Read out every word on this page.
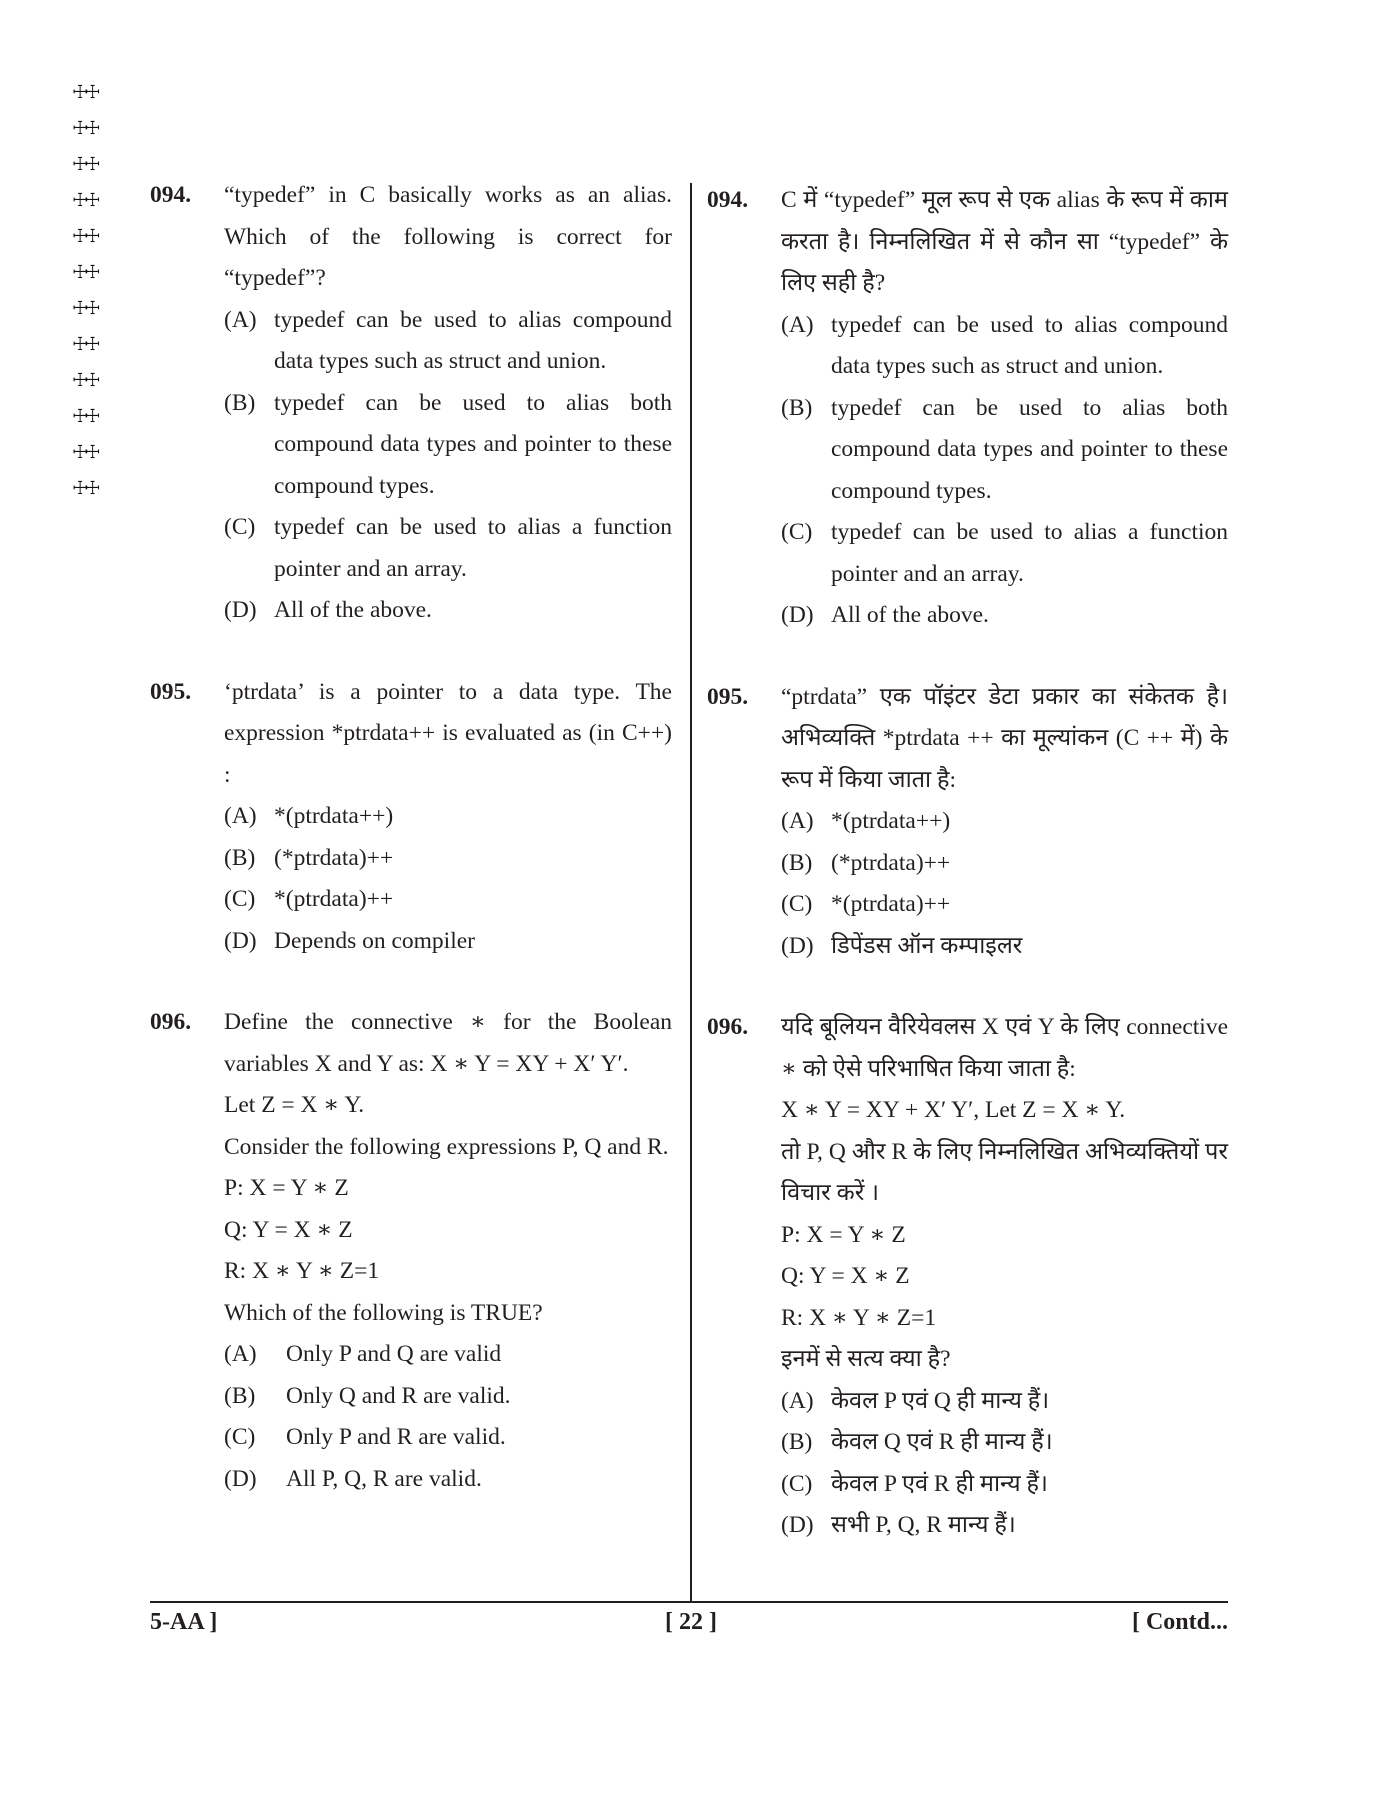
☩☩
☩☩
☩☩
☩☩
☩☩
☩☩
☩☩
☩☩
☩☩
☩☩
☩☩
☩☩
094. “typedef” in C basically works as an alias. Which of the following is correct for “typedef”?
(A) typedef can be used to alias compound data types such as struct and union.
(B) typedef can be used to alias both compound data types and pointer to these compound types.
(C) typedef can be used to alias a function pointer and an array.
(D) All of the above.
095. ‘ptrdata’ is a pointer to a data type. The expression *ptrdata++ is evaluated as (in C++) :
(A) *(ptrdata++)
(B) (*ptrdata)++
(C) *(ptrdata)++
(D) Depends on compiler
096. Define the connective ∗ for the Boolean variables X and Y as: X ∗ Y = XY + X′ Y′.
Let Z = X ∗ Y.
Consider the following expressions P, Q and R.
P: X = Y ∗ Z
Q: Y = X ∗ Z
R: X ∗ Y ∗ Z=1
Which of the following is TRUE?
(A) Only P and Q are valid
(B) Only Q and R are valid.
(C) Only P and R are valid.
(D) All P, Q, R are valid.
094. C में “typedef” मूल रूप से एक alias के रूप में काम करता है। निम्नलिखित में से कौन सा “typedef” के लिए सही है?
(A) typedef can be used to alias compound data types such as struct and union.
(B) typedef can be used to alias both compound data types and pointer to these compound types.
(C) typedef can be used to alias a function pointer and an array.
(D) All of the above.
095. “ptrdata” एक पॉइंटर डेटा प्रकार का संकेतक है। अभिव्यक्ति *ptrdata ++ का मूल्यांकन (C ++ में) के रूप में किया जाता है:
(A) *(ptrdata++)
(B) (*ptrdata)++
(C) *(ptrdata)++
(D) डिपेंडस ऑन कम्पाइलर
096. यदि बूलियन वैरियेवलस X एवं Y के लिए connective ∗ को ऐसे परिभाषित किया जाता है:
X ∗ Y = XY + X′ Y′, Let Z = X ∗ Y.
तो P, Q और R के लिए निम्नलिखित अभिव्यक्तियों पर विचार करें ।
P: X = Y ∗ Z
Q: Y = X ∗ Z
R: X ∗ Y ∗ Z=1
इनमें से सत्य क्या है?
(A) केवल P एवं Q ही मान्य हैं।
(B) केवल Q एवं R ही मान्य हैं।
(C) केवल P एवं R ही मान्य हैं।
(D) सभी P, Q, R मान्य हैं।
5-AA ]	[ 22 ]	[ Contd...
